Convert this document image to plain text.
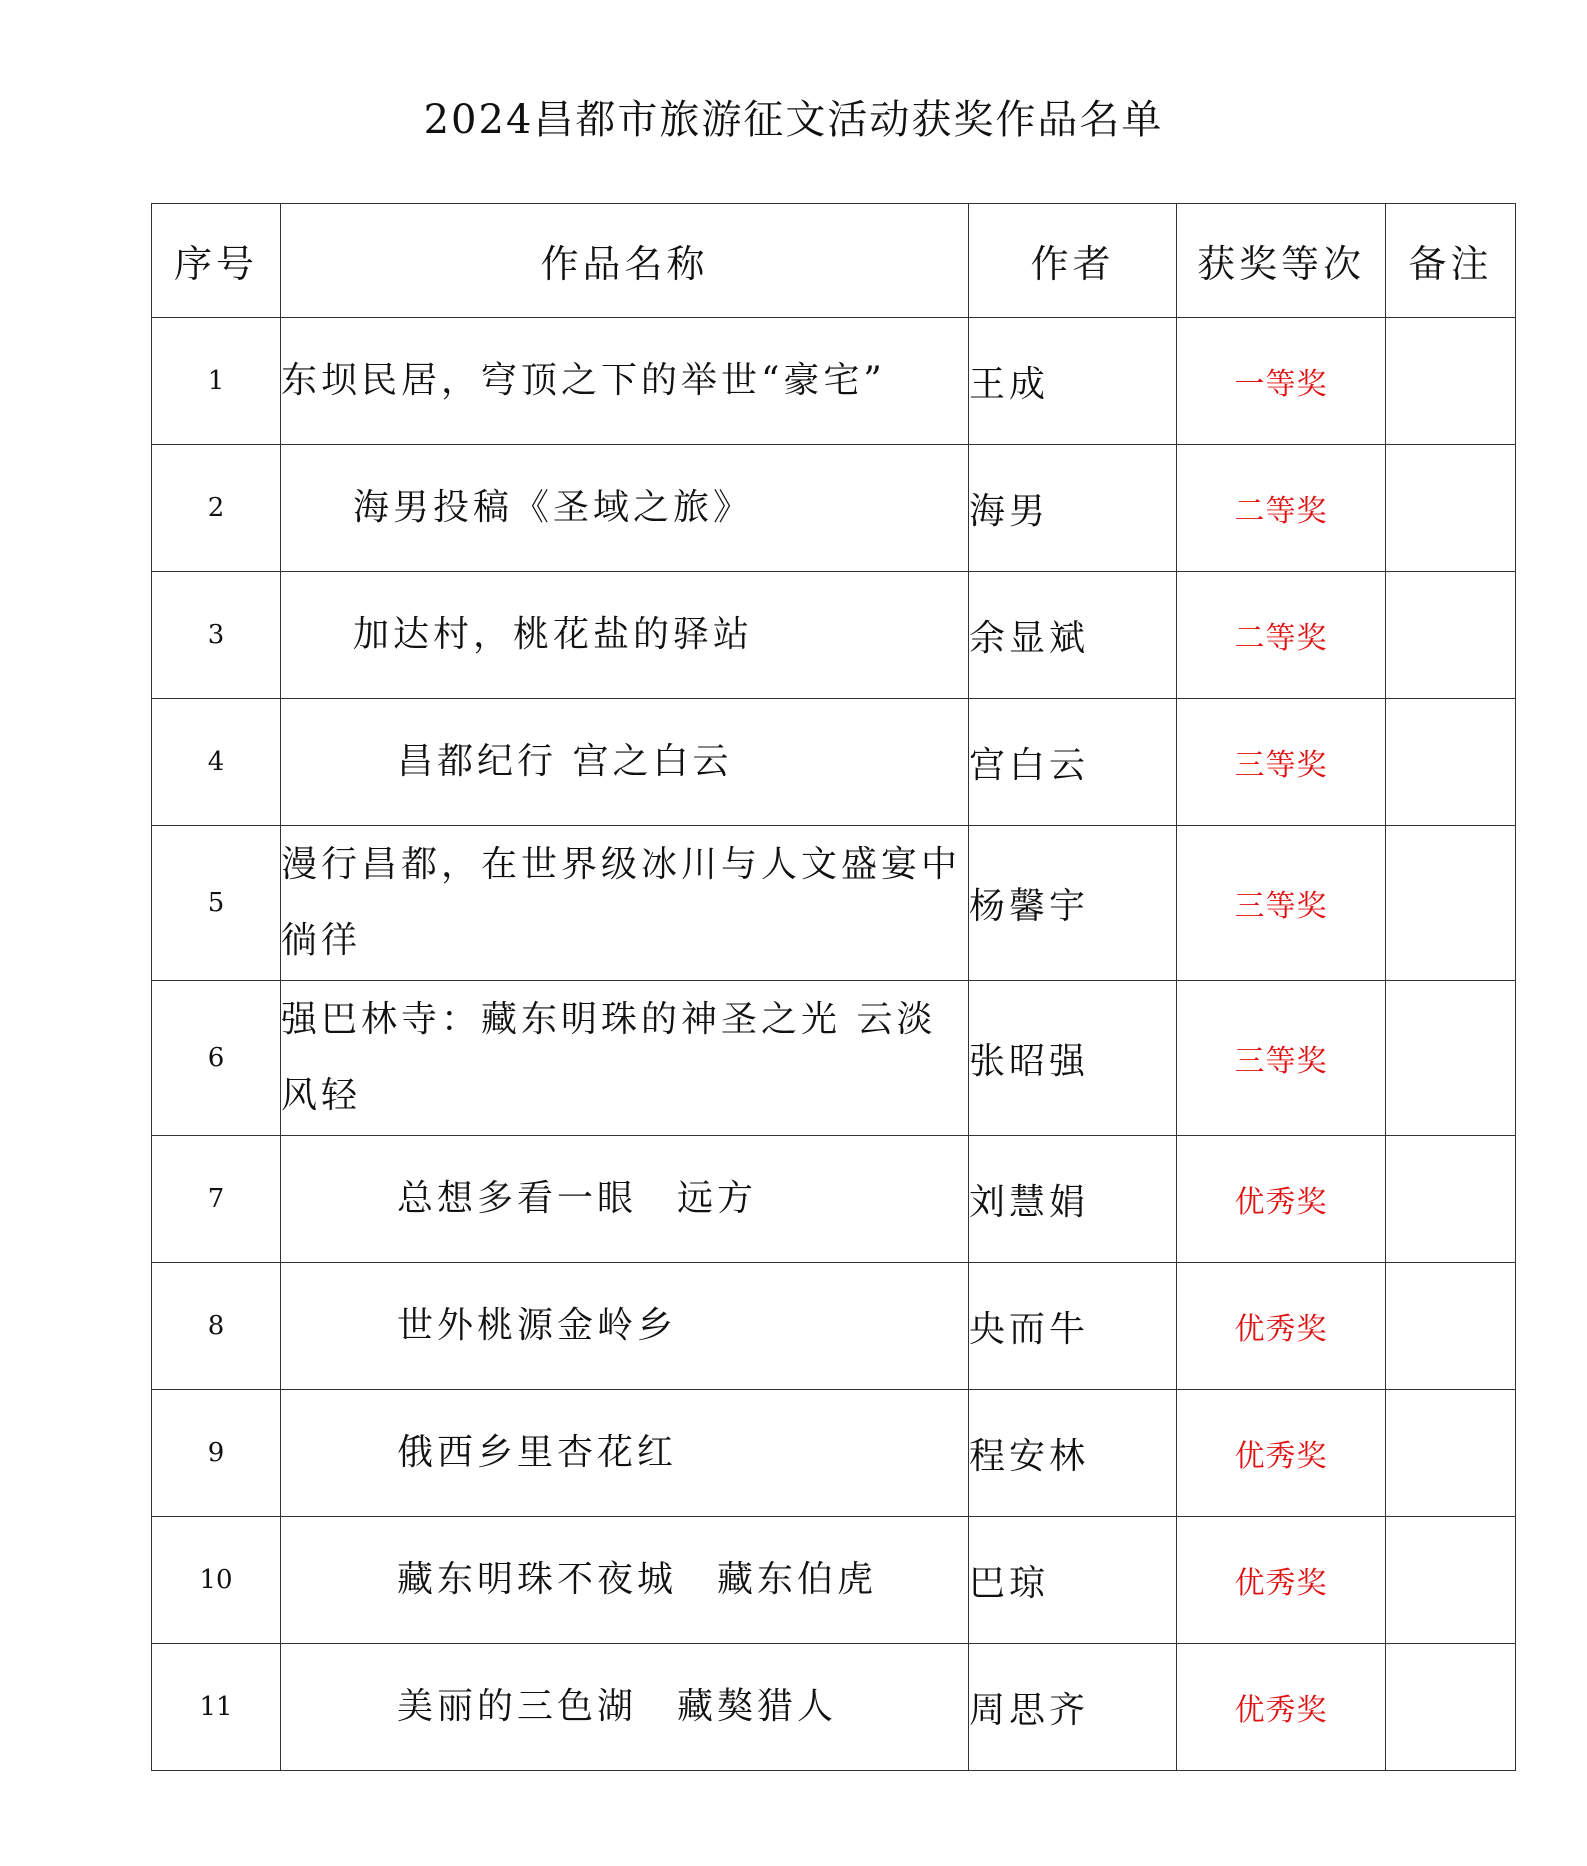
2024昌都市旅游征文活动获奖作品名单
序号	作品名称	作者	获奖等次	备注
1	东坝民居，穹顶之下的举世“豪宅”	王成	一等奖	
2	海男投稿《圣域之旅》	海男	二等奖	
3	加达村，桃花盐的驿站	余显斌	二等奖	
4	昌都纪行 宫之白云	宫白云	三等奖	
5	漫行昌都，在世界级冰川与人文盛宴中徜徉	杨馨宇	三等奖	
6	强巴林寺：藏东明珠的神圣之光 云淡风轻	张昭强	三等奖	
7	总想多看一眼　远方	刘慧娟	优秀奖	
8	世外桃源金岭乡	央而牛	优秀奖	
9	俄西乡里杏花红	程安林	优秀奖	
10	藏东明珠不夜城　藏东伯虎	巴琼	优秀奖	
11	美丽的三色湖　藏獒猎人	周思齐	优秀奖	
